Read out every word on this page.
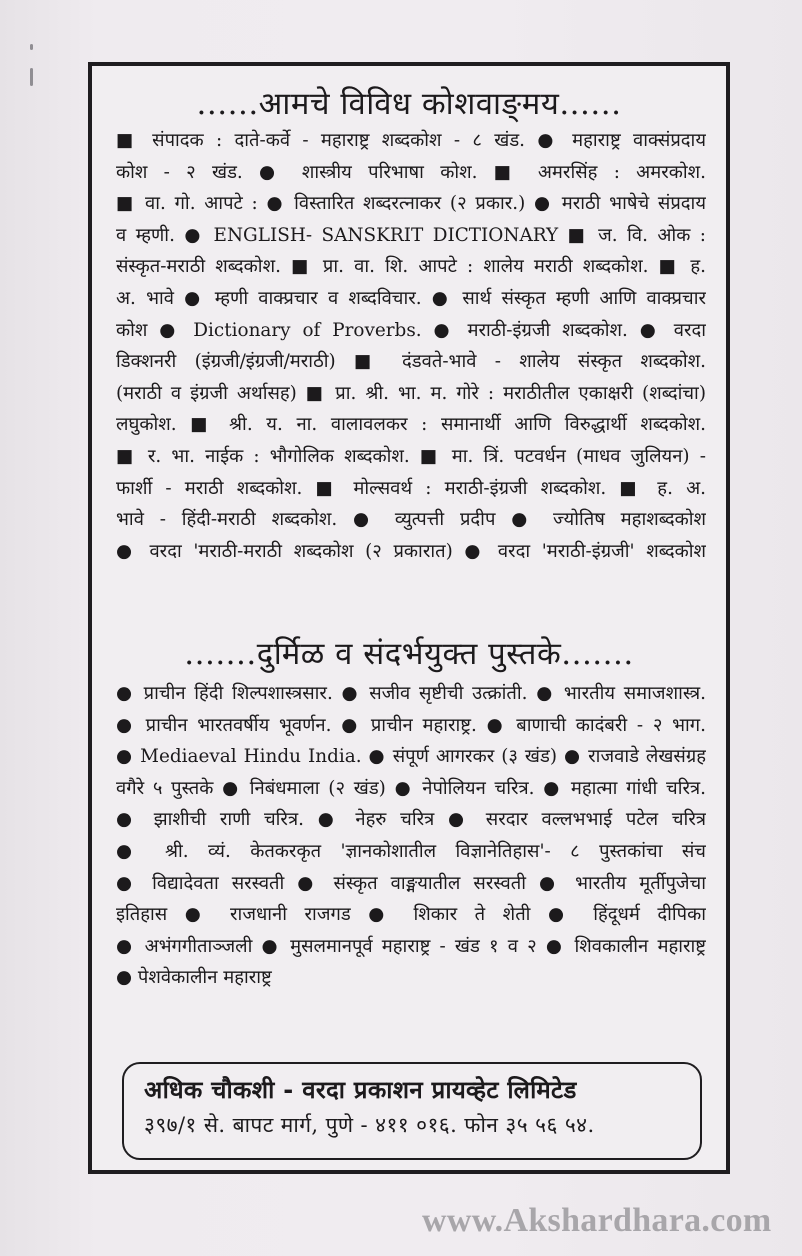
......आमचे विविध कोशवाङ्‌मय......
■ संपादक : दाते-कर्वे - महाराष्ट्र शब्दकोश - ८ खंड. ● महाराष्ट्र वाक्संप्रदाय
कोश - २ खंड. ● शास्त्रीय परिभाषा कोश. ■ अमरसिंह : अमरकोश.
■ वा. गो. आपटे : ● विस्तारित शब्दरत्नाकर (२ प्रकार.) ● मराठी भाषेचे संप्रदाय
व म्हणी. ● ENGLISH- SANSKRIT DICTIONARY ■ ज. वि. ओक :
संस्कृत-मराठी शब्दकोश. ■ प्रा. वा. शि. आपटे : शालेय मराठी शब्दकोश. ■ ह.
अ. भावे ● म्हणी वाक्प्रचार व शब्दविचार. ● सार्थ संस्कृत म्हणी आणि वाक्प्रचार
कोश ● Dictionary of Proverbs. ● मराठी-इंग्रजी शब्दकोश. ● वरदा
डिक्शनरी (इंग्रजी/इंग्रजी/मराठी) ■ दंडवते-भावे - शालेय संस्कृत शब्दकोश.
(मराठी व इंग्रजी अर्थासह) ■ प्रा. श्री. भा. म. गोरे : मराठीतील एकाक्षरी (शब्दांचा)
लघुकोश. ■ श्री. य. ना. वालावलकर : समानार्थी आणि विरुद्धार्थी शब्दकोश.
■ र. भा. नाईक : भौगोलिक शब्दकोश. ■ मा. त्रिं. पटवर्धन (माधव जुलियन) -
फार्शी - मराठी शब्दकोश. ■ मोल्सवर्थ : मराठी-इंग्रजी शब्दकोश. ■ ह. अ.
भावे - हिंदी-मराठी शब्दकोश. ● व्युत्पत्ती प्रदीप ● ज्योतिष महाशब्दकोश
● वरदा 'मराठी-मराठी शब्दकोश (२ प्रकारात) ● वरदा 'मराठी-इंग्रजी' शब्दकोश
.......दुर्मिळ व संदर्भयुक्त पुस्तके.......
● प्राचीन हिंदी शिल्पशास्त्रसार. ● सजीव सृष्टीची उत्क्रांती. ● भारतीय समाजशास्त्र.
● प्राचीन भारतवर्षीय भूवर्णन. ● प्राचीन महाराष्ट्र. ● बाणाची कादंबरी - २ भाग.
● Mediaeval Hindu India. ● संपूर्ण आगरकर (३ खंड) ● राजवाडे लेखसंग्रह
वगैरे ५ पुस्तके ● निबंधमाला (२ खंड) ● नेपोलियन चरित्र. ● महात्मा गांधी चरित्र.
● झाशीची राणी चरित्र. ● नेहरु चरित्र ● सरदार वल्लभभाई पटेल चरित्र
● श्री. व्यं. केतकरकृत 'ज्ञानकोशातील विज्ञानेतिहास'- ८ पुस्तकांचा संच
● विद्यादेवता सरस्वती ● संस्कृत वाङ्मयातील सरस्वती ● भारतीय मूर्तीपुजेचा
इतिहास ● राजधानी राजगड ● शिकार ते शेती ● हिंदूधर्म दीपिका
● अभंगगीताञ्जली ● मुसलमानपूर्व महाराष्ट्र - खंड १ व २ ● शिवकालीन महाराष्ट्र
● पेशवेकालीन महाराष्ट्र
अधिक चौकशी - वरदा प्रकाशन प्रायव्हेट लिमिटेड
३९७/१ से. बापट मार्ग, पुणे - ४११ ०१६. फोन ३५ ५६ ५४.
www.Akshardhara.com
